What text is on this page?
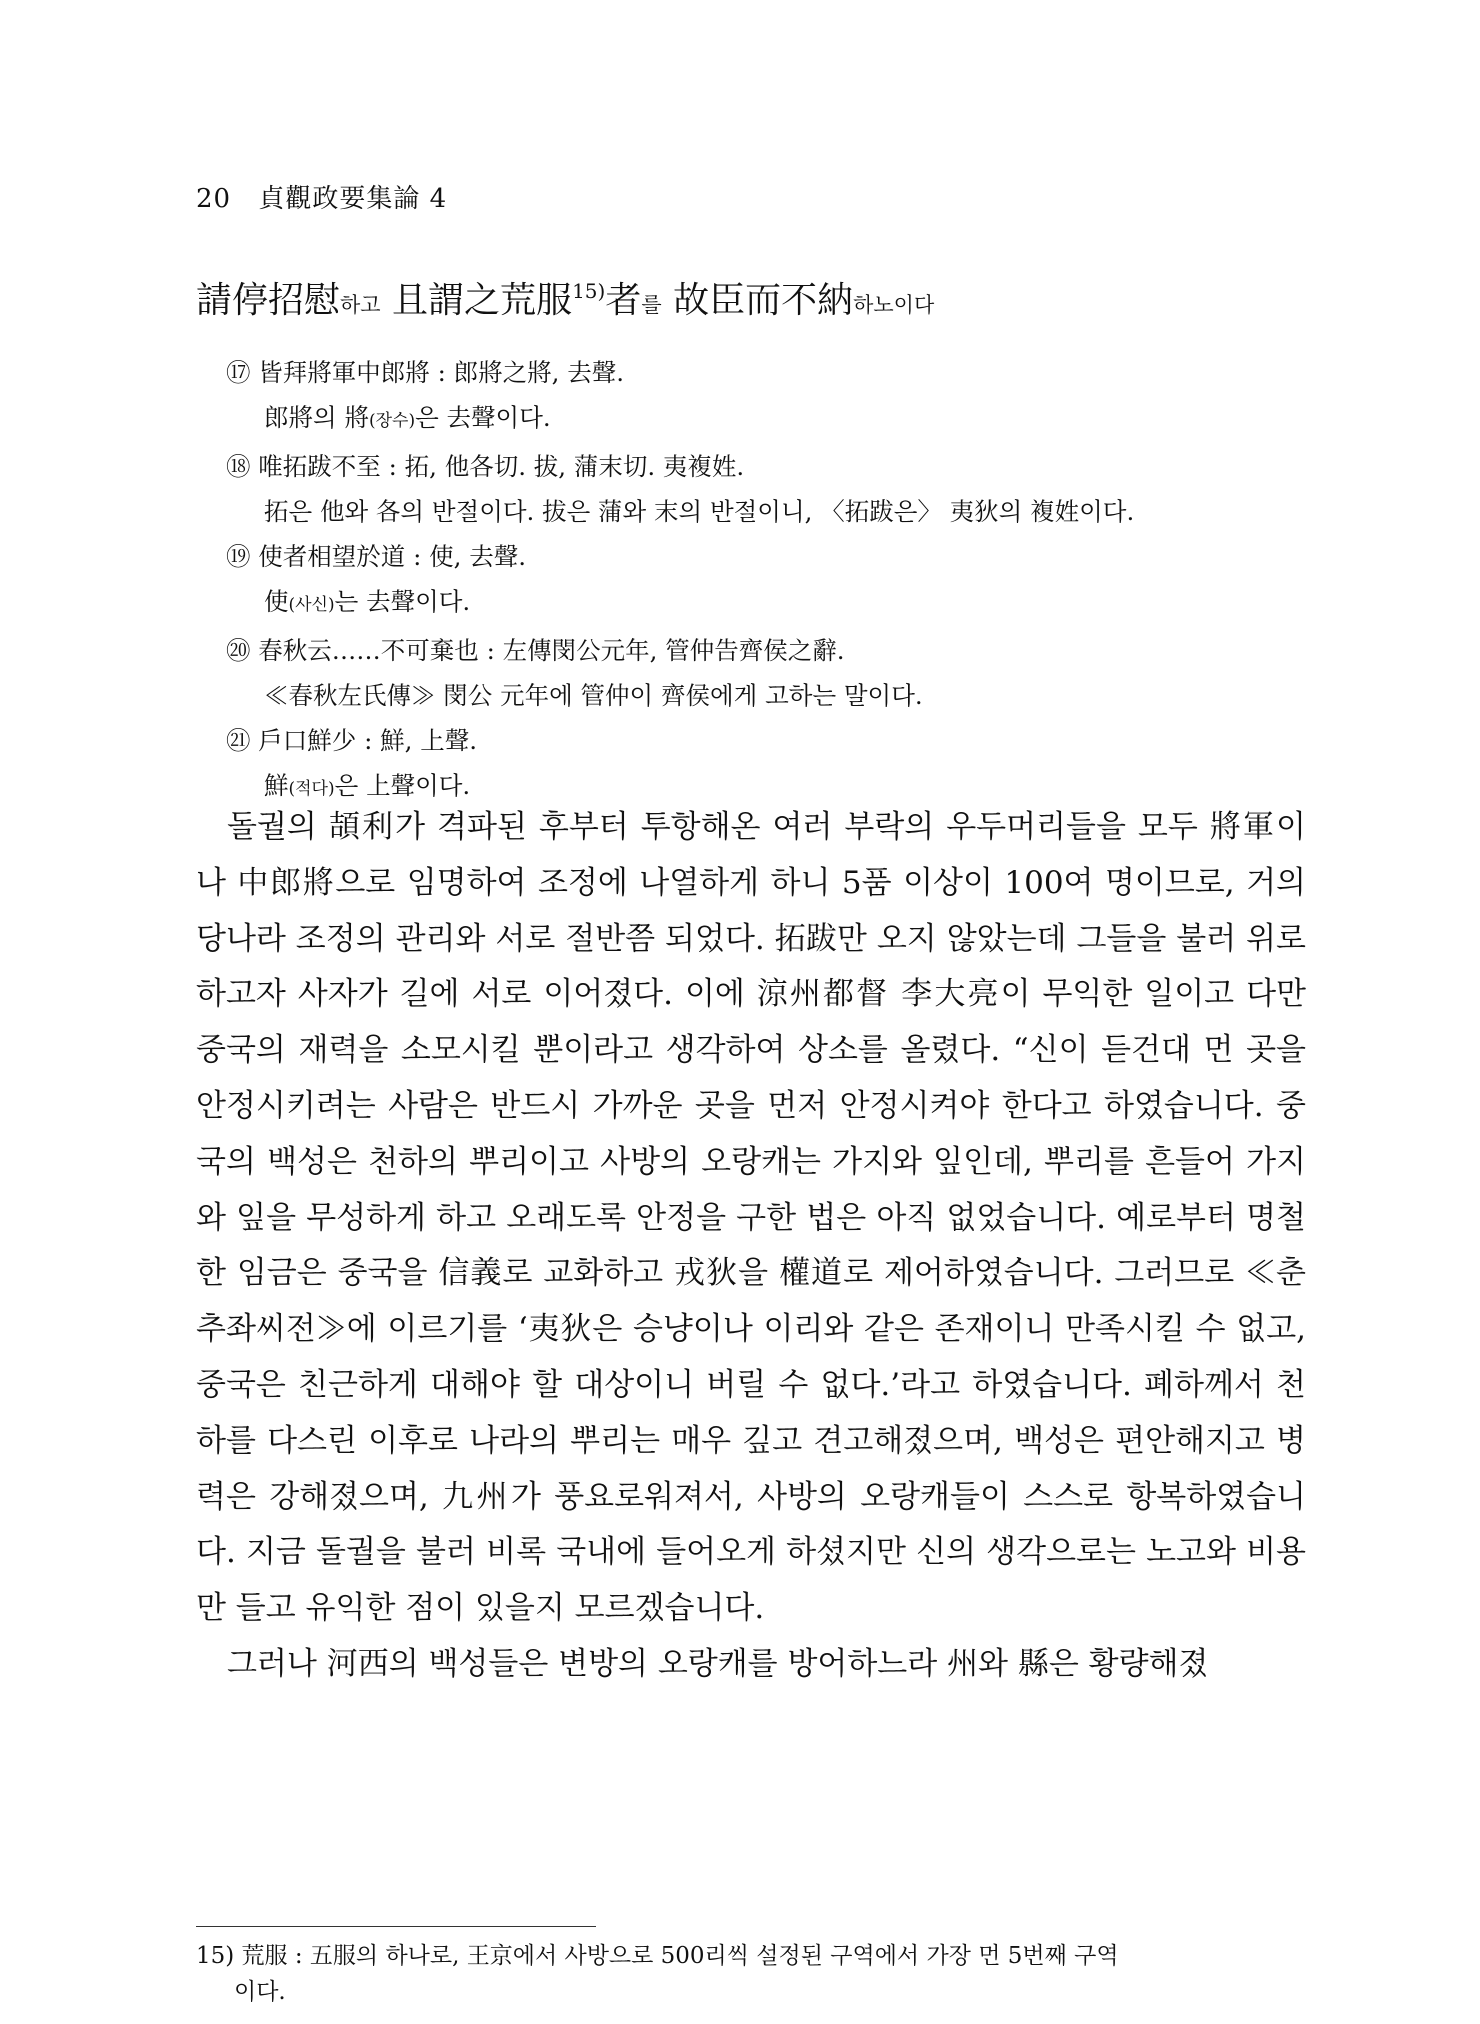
20 貞觀政要集論 4
請停招慰하고 且謂之荒服$^{15)}$者를 故臣而不納하노이다
⑰ 皆拜將軍中郎將 : 郎將之將, 去聲.
郎將의 將(장수)은 去聲이다.
⑱ 唯拓跋不至 : 拓, 他各切. 拔, 蒲末切. 夷複姓.
拓은 他와 各의 반절이다. 拔은 蒲와 末의 반절이니, 〈拓跋은〉 夷狄의 複姓이다.
⑲ 使者相望於道 : 使, 去聲.
使(사신)는 去聲이다.
⑳ 春秋云……不可棄也 : 左傳閔公元年, 管仲告齊侯之辭.
≪春秋左氏傳≫ 閔公 元年에 管仲이 齊侯에게 고하는 말이다.
㉑ 戶口鮮少 : 鮮, 上聲.
鮮(적다)은 上聲이다.

돌궐의 頡利가 격파된 후부터 투항해온 여러 부락의 우두머리들을 모두 將軍이나 中郎將으로 임명하여 조정에 나열하게 하니 5품 이상이 100여 명이므로, 거의 당나라 조정의 관리와 서로 절반쯤 되었다. 拓跋만 오지 않았는데 그들을 불러 위로하고자 사자가 길에 서로 이어졌다. 이에 涼州都督 李大亮이 무익한 일이고 다만 중국의 재력을 소모시킬 뿐이라고 생각하여 상소를 올렸다. “신이 듣건대 먼 곳을 안정시키려는 사람은 반드시 가까운 곳을 먼저 안정시켜야 한다고 하였습니다. 중국의 백성은 천하의 뿌리이고 사방의 오랑캐는 가지와 잎인데, 뿌리를 흔들어 가지와 잎을 무성하게 하고 오래도록 안정을 구한 법은 아직 없었습니다. 예로부터 명철한 임금은 중국을 信義로 교화하고 戎狄을 權道로 제어하였습니다. 그러므로 ≪춘추좌씨전≫에 이르기를 ‘夷狄은 승냥이나 이리와 같은 존재이니 만족시킬 수 없고, 중국은 친근하게 대해야 할 대상이니 버릴 수 없다.’라고 하였습니다. 폐하께서 천하를 다스린 이후로 나라의 뿌리는 매우 깊고 견고해졌으며, 백성은 편안해지고 병력은 강해졌으며, 九州가 풍요로워져서, 사방의 오랑캐들이 스스로 항복하였습니다. 지금 돌궐을 불러 비록 국내에 들어오게 하셨지만 신의 생각으로는 노고와 비용만 들고 유익한 점이 있을지 모르겠습니다.

그러나 河西의 백성들은 변방의 오랑캐를 방어하느라 州와 縣은 황량해졌

15) 荒服 : 五服의 하나로, 王京에서 사방으로 500리씩 설정된 구역에서 가장 먼 5번째 구역
이다.
